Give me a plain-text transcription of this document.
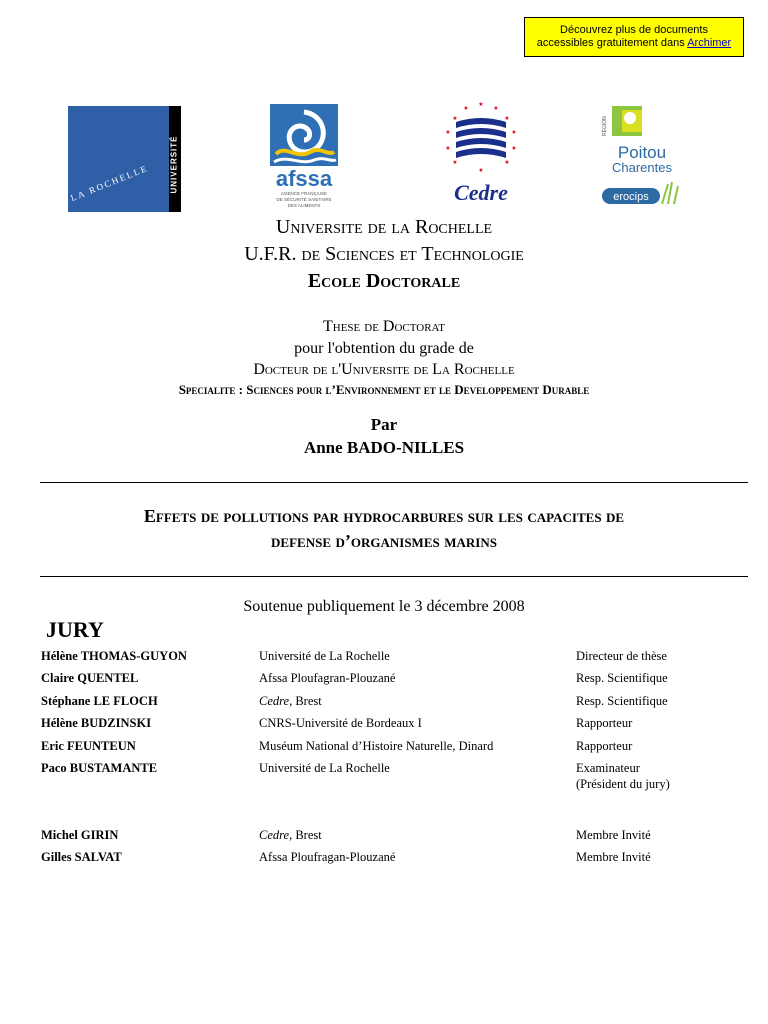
Découvrez plus de documents
accessibles gratuitement dans Archimer
UNIVERSITÉ
LA ROCHELLE	afssa
AGENCE FRANÇAISE
DE SÉCURITÉ SANITAIRE
DES ALIMENTS
★
★	★
★	★
★	★
★	★
★	★
★
Cedre
RÉGION
Poitou
Charentes
erocips
Universite de la Rochelle
U.F.R. de Sciences et Technologie
Ecole Doctorale
These de Doctorat
pour l'obtention du grade de
Docteur de l'Universite de La Rochelle
Specialite : Sciences pour l’Environnement et le Developpement Durable
Par
Anne BADO-NILLES
Effets de pollutions par hydrocarbures sur les capacites de
defense d’organismes marins
Soutenue publiquement le 3 décembre 2008
JURY
Hélène THOMAS-GUYON	Université de La Rochelle	Directeur de thèse
Claire QUENTEL	Afssa Ploufagran-Plouzané	Resp. Scientifique
Stéphane LE FLOCH	Cedre, Brest	Resp. Scientifique
Hélène BUDZINSKI	CNRS-Université de Bordeaux I	Rapporteur
Eric FEUNTEUN	Muséum National d’Histoire Naturelle, Dinard	Rapporteur
Paco BUSTAMANTE	Université de La Rochelle	Examinateur
(Président du jury)
Michel GIRIN	Cedre, Brest	Membre Invité
Gilles SALVAT	Afssa Ploufragan-Plouzané	Membre Invité
